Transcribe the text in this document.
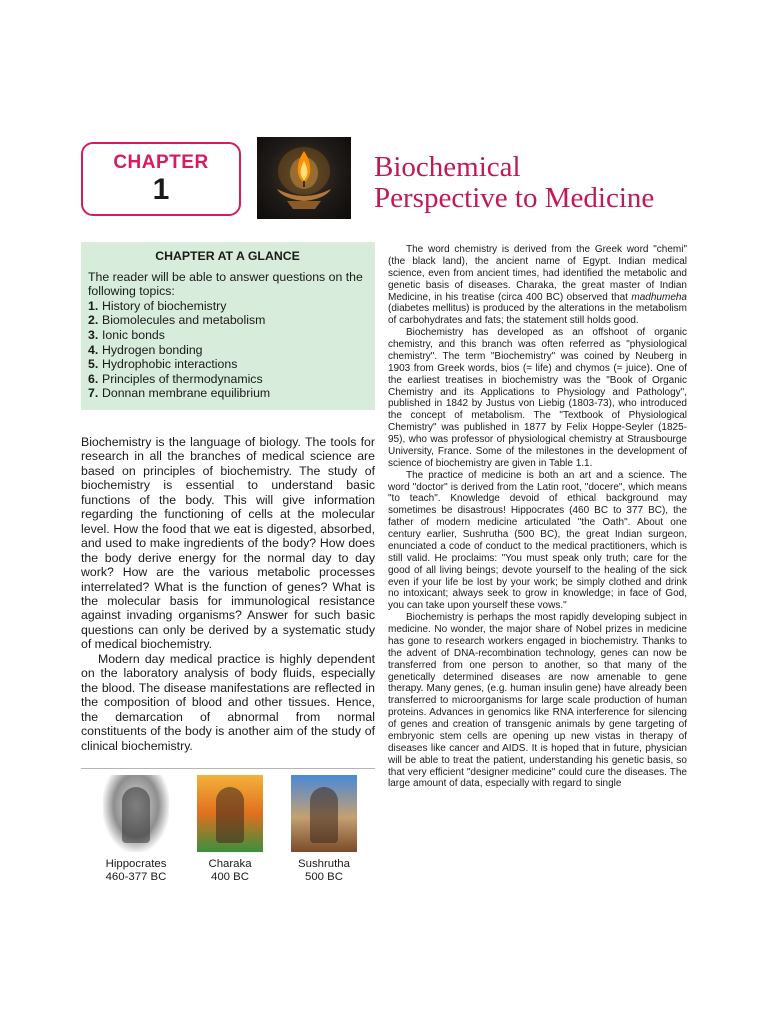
CHAPTER
1
Biochemical
Perspective to Medicine
CHAPTER AT A GLANCE
The reader will be able to answer questions on the following topics:
1. History of biochemistry
2. Biomolecules and metabolism
3. Ionic bonds
4. Hydrogen bonding
5. Hydrophobic interactions
6. Principles of thermodynamics
7. Donnan membrane equilibrium

Biochemistry is the language of biology. The tools for research in all the branches of medical science are based on principles of biochemistry. The study of biochemistry is essential to understand basic functions of the body. This will give information regarding the functioning of cells at the molecular level. How the food that we eat is digested, absorbed, and used to make ingredients of the body? How does the body derive energy for the normal day to day work? How are the various metabolic processes interrelated? What is the function of genes? What is the molecular basis for immunological resistance against invading organisms? Answer for such basic questions can only be derived by a systematic study of medical biochemistry.

Modern day medical practice is highly dependent on the laboratory analysis of body fluids, especially the blood. The disease manifestations are reflected in the composition of blood and other tissues. Hence, the demarcation of abnormal from normal constituents of the body is another aim of the study of clinical biochemistry.

Hippocrates
460-377 BC
Charaka
400 BC
Sushrutha
500 BC

The word chemistry is derived from the Greek word "chemi" (the black land), the ancient name of Egypt. Indian medical science, even from ancient times, had identified the metabolic and genetic basis of diseases. Charaka, the great master of Indian Medicine, in his treatise (circa 400 BC) observed that madhumeha (diabetes mellitus) is produced by the alterations in the metabolism of carbohydrates and fats; the statement still holds good.

Biochemistry has developed as an offshoot of organic chemistry, and this branch was often referred as "physiological chemistry". The term "Biochemistry" was coined by Neuberg in 1903 from Greek words, bios (= life) and chymos (= juice). One of the earliest treatises in biochemistry was the "Book of Organic Chemistry and its Applications to Physiology and Pathology", published in 1842 by Justus von Liebig (1803-73), who introduced the concept of metabolism. The "Textbook of Physiological Chemistry" was published in 1877 by Felix Hoppe-Seyler (1825-95), who was professor of physiological chemistry at Strausbourge University, France. Some of the milestones in the development of science of biochemistry are given in Table 1.1.

The practice of medicine is both an art and a science. The word "doctor" is derived from the Latin root, "docere", which means "to teach". Knowledge devoid of ethical background may sometimes be disastrous! Hippocrates (460 BC to 377 BC), the father of modern medicine articulated "the Oath". About one century earlier, Sushrutha (500 BC), the great Indian surgeon, enunciated a code of conduct to the medical practitioners, which is still valid. He proclaims: "You must speak only truth; care for the good of all living beings; devote yourself to the healing of the sick even if your life be lost by your work; be simply clothed and drink no intoxicant; always seek to grow in knowledge; in face of God, you can take upon yourself these vows."

Biochemistry is perhaps the most rapidly developing subject in medicine. No wonder, the major share of Nobel prizes in medicine has gone to research workers engaged in biochemistry. Thanks to the advent of DNA-recombination technology, genes can now be transferred from one person to another, so that many of the genetically determined diseases are now amenable to gene therapy. Many genes, (e.g. human insulin gene) have already been transferred to microorganisms for large scale production of human proteins. Advances in genomics like RNA interference for silencing of genes and creation of transgenic animals by gene targeting of embryonic stem cells are opening up new vistas in therapy of diseases like cancer and AIDS. It is hoped that in future, physician will be able to treat the patient, understanding his genetic basis, so that very efficient "designer medicine" could cure the diseases. The large amount of data, especially with regard to single
